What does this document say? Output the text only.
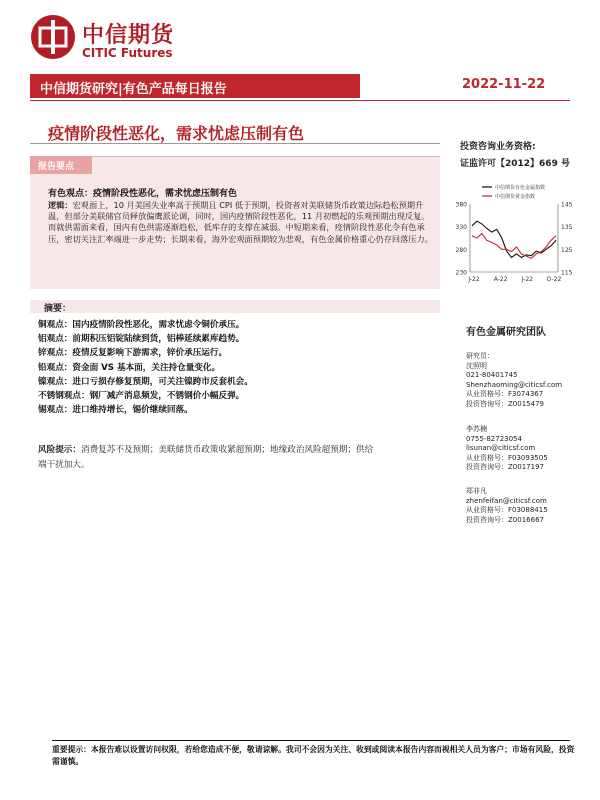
中信期货
CITIC Futures
中信期货研究|有色产品每日报告	2022-11-22
疫情阶段性恶化，需求忧虑压制有色
投资咨询业务资格:
证监许可【2012】669 号
报告要点
有色观点：疫情阶段性恶化，需求忧虑压制有色
逻辑：宏观面上，10 月美国失业率高于预期且 CPI 低于预期，投资者对美联储货币政策边际趋松预期升温，但部分美联储官员释放偏鹰派论调，同时，国内疫情阶段性恶化，11 月初燃起的乐观预期出现反复。而就供需面来看，国内有色供需逐渐趋松，低库存的支撑在减弱。中短期来看，疫情阶段性恶化令有色承压，密切关注汇率端进一步走势；长期来看，海外宏观面预期较为悲观，有色金属价格重心仍存回落压力。
380
330
280
230
145
135
125
115
J-22 A-22 J-22 O-22
中信期货有色金属指数
中信期货黄金指数
摘要：
铜观点：国内疫情阶段性恶化，需求忧虑令铜价承压。
铝观点：前期积压铝锭陆续到货，铝棒延续累库趋势。
锌观点：疫情反复影响下游需求，锌价承压运行。
铅观点：资金面 VS 基本面，关注持仓量变化。
镍观点：进口亏损存修复预期，可关注镍跨市反套机会。
不锈钢观点：钢厂减产消息频发，不锈钢价小幅反弹。
锡观点：进口维持增长，锡价继续回落。
风险提示：消费复苏不及预期；美联储货币政策收紧超预期；地缘政治风险超预期；供给端干扰加大。
有色金属研究团队
研究员：
沈照明
021-80401745
Shenzhaoming@citicsf.com
从业资格号：F3074367
投资咨询号：Z0015479
李苏楠
0755-82723054
lisunan@citicsf.com
从业资格号：F03093505
投资咨询号：Z0017197
郑非凡
zhenfeifan@citicsf.com
从业资格号：F03088415
投资咨询号：Z0016667
重要提示：本报告难以设置访问权限，若给您造成不便，敬请谅解。我司不会因为关注、收到或阅读本报告内容而视相关人员为客户；市场有风险，投资需谨慎。
